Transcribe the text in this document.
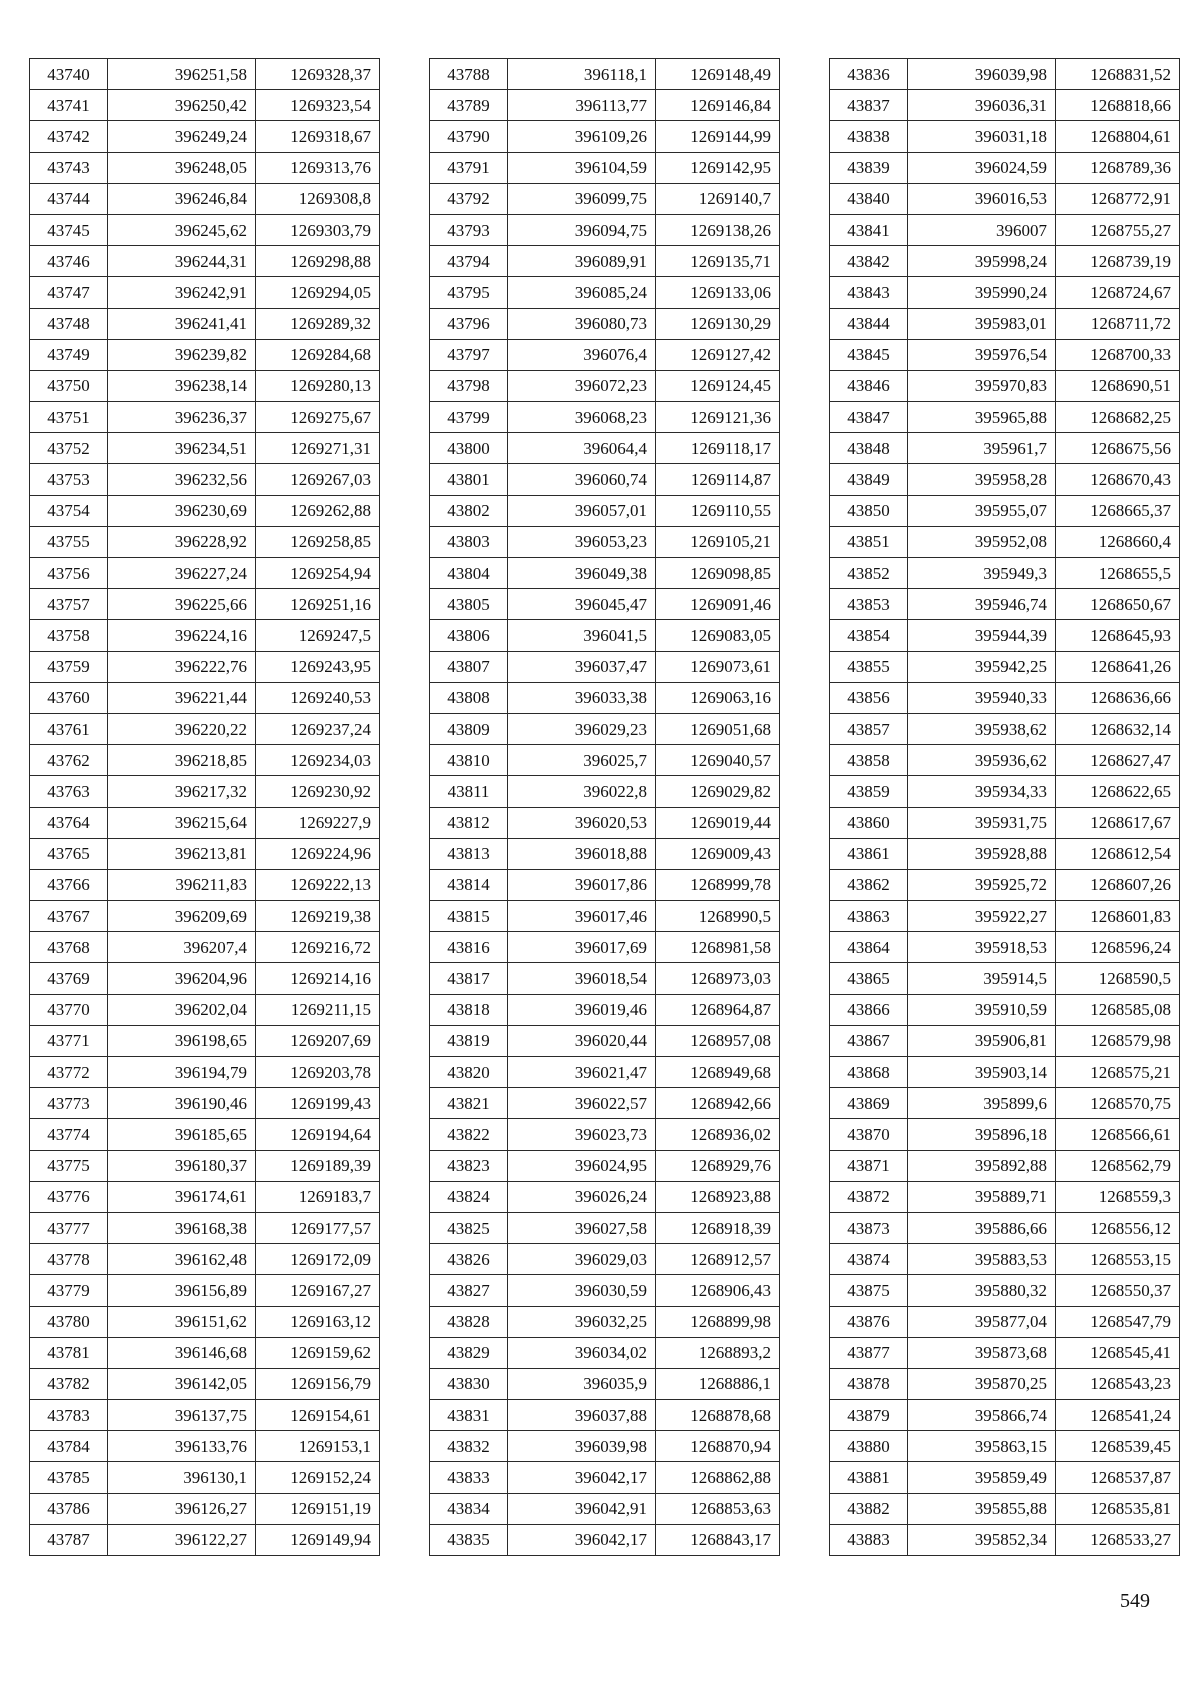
43740	396251,58	1269328,37
43741	396250,42	1269323,54
43742	396249,24	1269318,67
43743	396248,05	1269313,76
43744	396246,84	1269308,8
43745	396245,62	1269303,79
43746	396244,31	1269298,88
43747	396242,91	1269294,05
43748	396241,41	1269289,32
43749	396239,82	1269284,68
43750	396238,14	1269280,13
43751	396236,37	1269275,67
43752	396234,51	1269271,31
43753	396232,56	1269267,03
43754	396230,69	1269262,88
43755	396228,92	1269258,85
43756	396227,24	1269254,94
43757	396225,66	1269251,16
43758	396224,16	1269247,5
43759	396222,76	1269243,95
43760	396221,44	1269240,53
43761	396220,22	1269237,24
43762	396218,85	1269234,03
43763	396217,32	1269230,92
43764	396215,64	1269227,9
43765	396213,81	1269224,96
43766	396211,83	1269222,13
43767	396209,69	1269219,38
43768	396207,4	1269216,72
43769	396204,96	1269214,16
43770	396202,04	1269211,15
43771	396198,65	1269207,69
43772	396194,79	1269203,78
43773	396190,46	1269199,43
43774	396185,65	1269194,64
43775	396180,37	1269189,39
43776	396174,61	1269183,7
43777	396168,38	1269177,57
43778	396162,48	1269172,09
43779	396156,89	1269167,27
43780	396151,62	1269163,12
43781	396146,68	1269159,62
43782	396142,05	1269156,79
43783	396137,75	1269154,61
43784	396133,76	1269153,1
43785	396130,1	1269152,24
43786	396126,27	1269151,19
43787	396122,27	1269149,94
43788	396118,1	1269148,49
43789	396113,77	1269146,84
43790	396109,26	1269144,99
43791	396104,59	1269142,95
43792	396099,75	1269140,7
43793	396094,75	1269138,26
43794	396089,91	1269135,71
43795	396085,24	1269133,06
43796	396080,73	1269130,29
43797	396076,4	1269127,42
43798	396072,23	1269124,45
43799	396068,23	1269121,36
43800	396064,4	1269118,17
43801	396060,74	1269114,87
43802	396057,01	1269110,55
43803	396053,23	1269105,21
43804	396049,38	1269098,85
43805	396045,47	1269091,46
43806	396041,5	1269083,05
43807	396037,47	1269073,61
43808	396033,38	1269063,16
43809	396029,23	1269051,68
43810	396025,7	1269040,57
43811	396022,8	1269029,82
43812	396020,53	1269019,44
43813	396018,88	1269009,43
43814	396017,86	1268999,78
43815	396017,46	1268990,5
43816	396017,69	1268981,58
43817	396018,54	1268973,03
43818	396019,46	1268964,87
43819	396020,44	1268957,08
43820	396021,47	1268949,68
43821	396022,57	1268942,66
43822	396023,73	1268936,02
43823	396024,95	1268929,76
43824	396026,24	1268923,88
43825	396027,58	1268918,39
43826	396029,03	1268912,57
43827	396030,59	1268906,43
43828	396032,25	1268899,98
43829	396034,02	1268893,2
43830	396035,9	1268886,1
43831	396037,88	1268878,68
43832	396039,98	1268870,94
43833	396042,17	1268862,88
43834	396042,91	1268853,63
43835	396042,17	1268843,17
43836	396039,98	1268831,52
43837	396036,31	1268818,66
43838	396031,18	1268804,61
43839	396024,59	1268789,36
43840	396016,53	1268772,91
43841	396007	1268755,27
43842	395998,24	1268739,19
43843	395990,24	1268724,67
43844	395983,01	1268711,72
43845	395976,54	1268700,33
43846	395970,83	1268690,51
43847	395965,88	1268682,25
43848	395961,7	1268675,56
43849	395958,28	1268670,43
43850	395955,07	1268665,37
43851	395952,08	1268660,4
43852	395949,3	1268655,5
43853	395946,74	1268650,67
43854	395944,39	1268645,93
43855	395942,25	1268641,26
43856	395940,33	1268636,66
43857	395938,62	1268632,14
43858	395936,62	1268627,47
43859	395934,33	1268622,65
43860	395931,75	1268617,67
43861	395928,88	1268612,54
43862	395925,72	1268607,26
43863	395922,27	1268601,83
43864	395918,53	1268596,24
43865	395914,5	1268590,5
43866	395910,59	1268585,08
43867	395906,81	1268579,98
43868	395903,14	1268575,21
43869	395899,6	1268570,75
43870	395896,18	1268566,61
43871	395892,88	1268562,79
43872	395889,71	1268559,3
43873	395886,66	1268556,12
43874	395883,53	1268553,15
43875	395880,32	1268550,37
43876	395877,04	1268547,79
43877	395873,68	1268545,41
43878	395870,25	1268543,23
43879	395866,74	1268541,24
43880	395863,15	1268539,45
43881	395859,49	1268537,87
43882	395855,88	1268535,81
43883	395852,34	1268533,27
549
